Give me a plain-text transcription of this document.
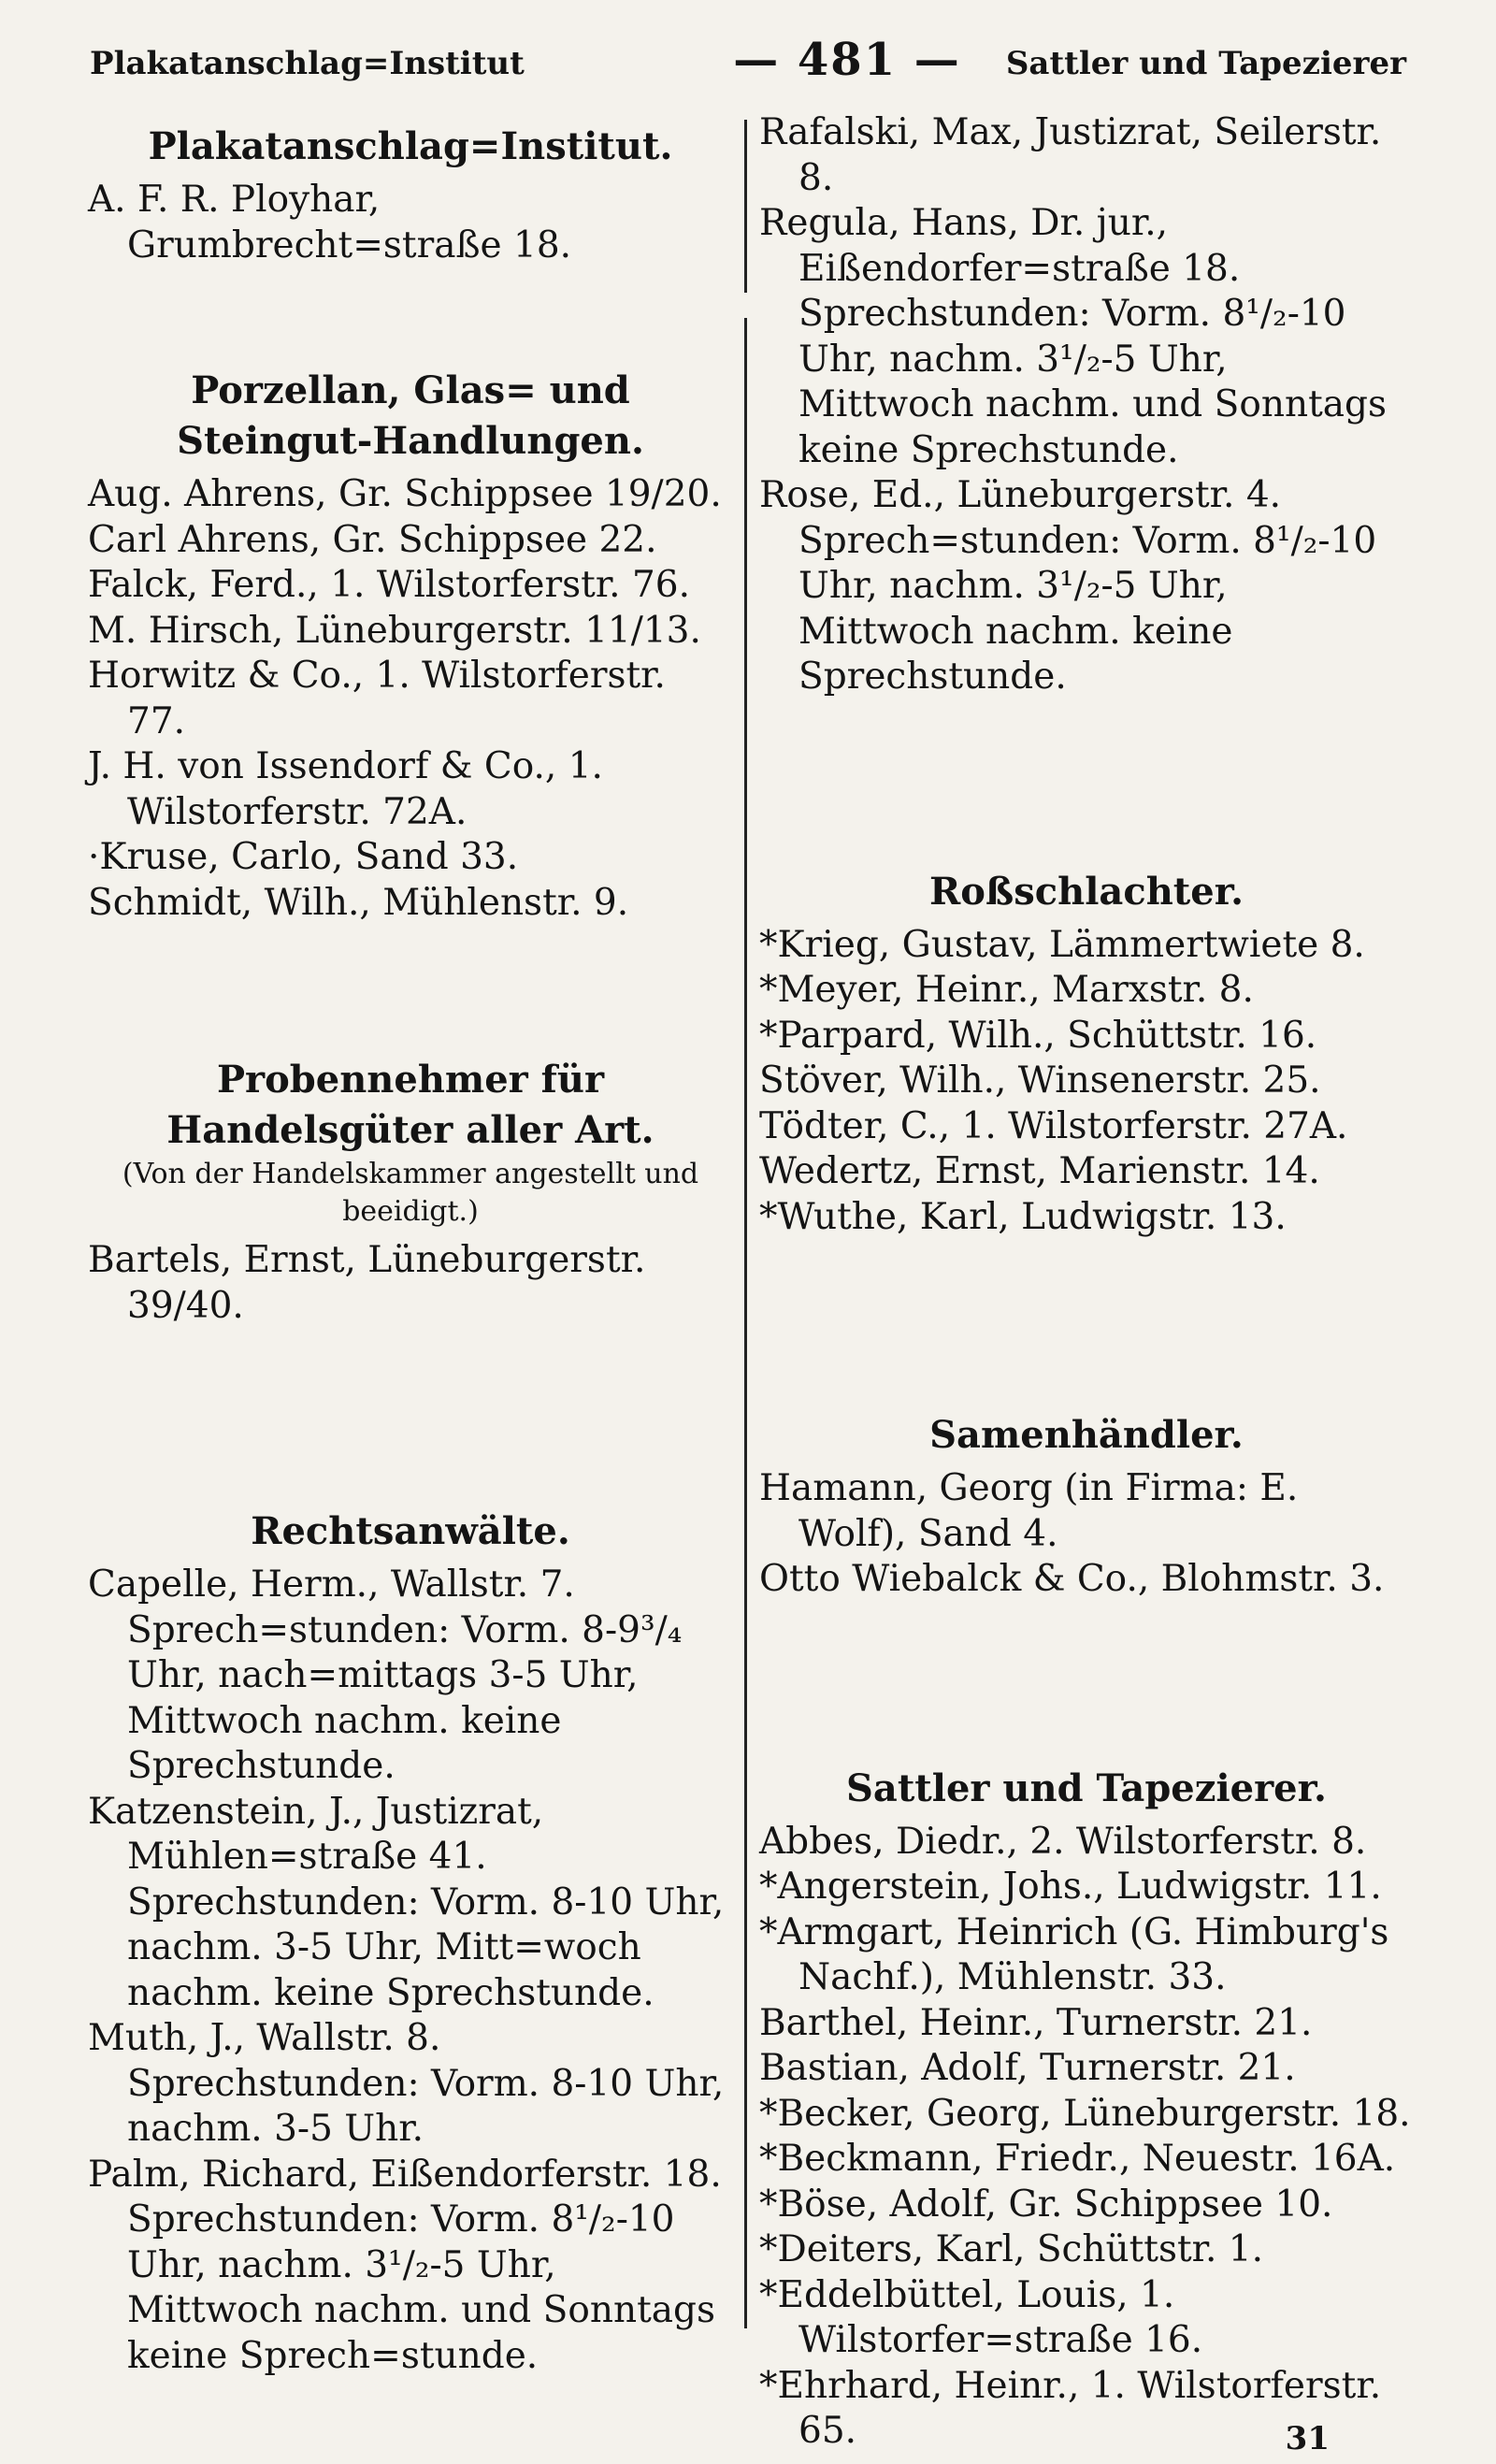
Plakatanschlag=Institut	— 481 —	Sattler und Tapezierer

Plakatanschlag=Institut.

A. F. R. Ployhar, Grumbrecht=straße 18.

Porzellan, Glas= und Steingut-Handlungen.

Aug. Ahrens, Gr. Schippsee 19/20.

Carl Ahrens, Gr. Schippsee 22.

Falck, Ferd., 1. Wilstorferstr. 76.

M. Hirsch, Lüneburgerstr. 11/13.

Horwitz & Co., 1. Wilstorferstr. 77.

J. H. von Issendorf & Co., 1. Wilstorferstr. 72A.

·Kruse, Carlo, Sand 33.

Schmidt, Wilh., Mühlenstr. 9.

Probennehmer für Handelsgüter aller Art.

(Von der Handelskammer angestellt und beeidigt.)

Bartels, Ernst, Lüneburgerstr. 39/40.

Rechtsanwälte.

Capelle, Herm., Wallstr. 7. Sprech=stunden: Vorm. 8-9³/₄ Uhr, nach=mittags 3-5 Uhr, Mittwoch nachm. keine Sprechstunde.

Katzenstein, J., Justizrat, Mühlen=straße 41. Sprechstunden: Vorm. 8-10 Uhr, nachm. 3-5 Uhr, Mitt=woch nachm. keine Sprechstunde.

Muth, J., Wallstr. 8. Sprechstunden: Vorm. 8-10 Uhr, nachm. 3-5 Uhr.

Palm, Richard, Eißendorferstr. 18. Sprechstunden: Vorm. 8¹/₂-10 Uhr, nachm. 3¹/₂-5 Uhr, Mittwoch nachm. und Sonntags keine Sprech=stunde.

Rafalski, Max, Justizrat, Seilerstr. 8.

Regula, Hans, Dr. jur., Eißendorfer=straße 18. Sprechstunden: Vorm. 8¹/₂-10 Uhr, nachm. 3¹/₂-5 Uhr, Mittwoch nachm. und Sonntags keine Sprechstunde.

Rose, Ed., Lüneburgerstr. 4. Sprech=stunden: Vorm. 8¹/₂-10 Uhr, nachm. 3¹/₂-5 Uhr, Mittwoch nachm. keine Sprechstunde.

Roßschlachter.

*Krieg, Gustav, Lämmertwiete 8.

*Meyer, Heinr., Marxstr. 8.

*Parpard, Wilh., Schüttstr. 16.

Stöver, Wilh., Winsenerstr. 25.

Tödter, C., 1. Wilstorferstr. 27A.

Wedertz, Ernst, Marienstr. 14.

*Wuthe, Karl, Ludwigstr. 13.

Samenhändler.

Hamann, Georg (in Firma: E. Wolf), Sand 4.

Otto Wiebalck & Co., Blohmstr. 3.

Sattler und Tapezierer.

Abbes, Diedr., 2. Wilstorferstr. 8.

*Angerstein, Johs., Ludwigstr. 11.

*Armgart, Heinrich (G. Himburg's Nachf.), Mühlenstr. 33.

Barthel, Heinr., Turnerstr. 21.

Bastian, Adolf, Turnerstr. 21.

*Becker, Georg, Lüneburgerstr. 18.

*Beckmann, Friedr., Neuestr. 16A.

*Böse, Adolf, Gr. Schippsee 10.

*Deiters, Karl, Schüttstr. 1.

*Eddelbüttel, Louis, 1. Wilstorfer=straße 16.

*Ehrhard, Heinr., 1. Wilstorferstr. 65.	31
